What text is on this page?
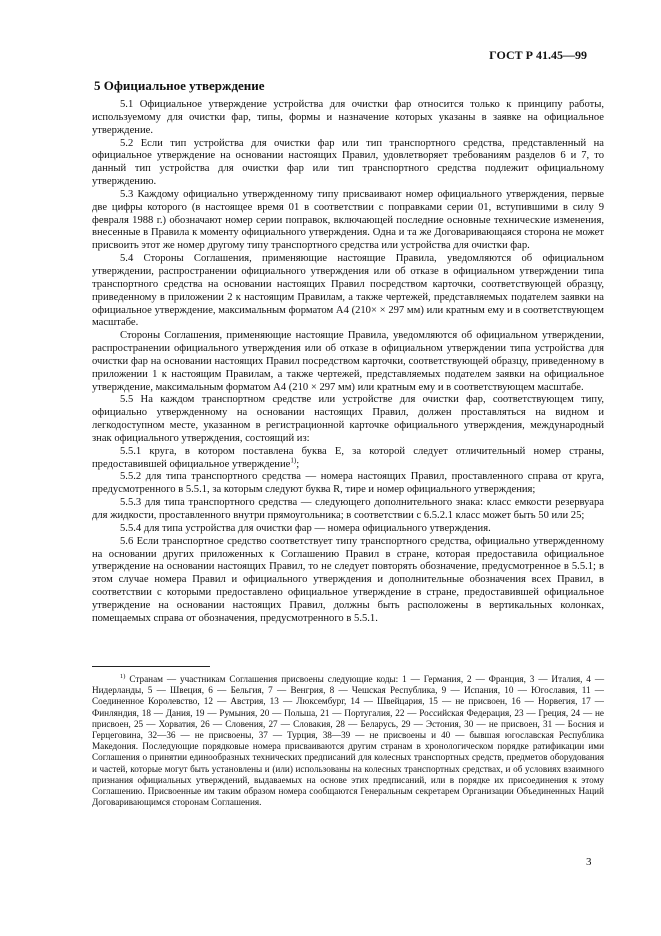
ГОСТ Р 41.45—99
5 Официальное утверждение

5.1 Официальное утверждение устройства для очистки фар относится только к принципу работы, используемому для очистки фар, типы, формы и назначение которых указаны в заявке на официальное утверждение.

5.2 Если тип устройства для очистки фар или тип транспортного средства, представленный на официальное утверждение на основании настоящих Правил, удовлетворяет требованиям разделов 6 и 7, то данный тип устройства для очистки фар или тип транспортного средства подлежит официальному утверждению.

5.3 Каждому официально утвержденному типу присваивают номер официального утверждения, первые две цифры которого (в настоящее время 01 в соответствии с поправками серии 01, вступившими в силу 9 февраля 1988 г.) обозначают номер серии поправок, включающей последние основные технические изменения, внесенные в Правила к моменту официального утверждения. Одна и та же Договаривающаяся сторона не может присвоить этот же номер другому типу транспортного средства или устройства для очистки фар.

5.4 Стороны Соглашения, применяющие настоящие Правила, уведомляются об официальном утверждении, распространении официального утверждения или об отказе в официальном утверждении типа транспортного средства на основании настоящих Правил посредством карточки, соответствующей образцу, приведенному в приложении 2 к настоящим Правилам, а также чертежей, представляемых подателем заявки на официальное утверждение, максимальным форматом А4 (210× × 297 мм) или кратным ему и в соответствующем масштабе.

Стороны Соглашения, применяющие настоящие Правила, уведомляются об официальном утверждении, распространении официального утверждения или об отказе в официальном утверждении типа устройства для очистки фар на основании настоящих Правил посредством карточки, соответствующей образцу, приведенному в приложении 1 к настоящим Правилам, а также чертежей, представляемых подателем заявки на официальное утверждение, максимальным форматом А4 (210 × 297 мм) или кратным ему и в соответствующем масштабе.

5.5 На каждом транспортном средстве или устройстве для очистки фар, соответствующем типу, официально утвержденному на основании настоящих Правил, должен проставляться на видном и легкодоступном месте, указанном в регистрационной карточке официального утверждения, международный знак официального утверждения, состоящий из:

5.5.1 круга, в котором поставлена буква Е, за которой следует отличительный номер страны, предоставившей официальное утверждение$^{1)}$;

5.5.2 для типа транспортного средства — номера настоящих Правил, проставленного справа от круга, предусмотренного в 5.5.1, за которым следуют буква R, тире и номер официального утверждения;

5.5.3 для типа транспортного средства — следующего дополнительного знака: класс емкости резервуара для жидкости, проставленного внутри прямоугольника; в соответствии с 6.5.2.1 класс может быть 50 или 25;

5.5.4 для типа устройства для очистки фар — номера официального утверждения.

5.6 Если транспортное средство соответствует типу транспортного средства, официально утвержденному на основании других приложенных к Соглашению Правил в стране, которая предоставила официальное утверждение на основании настоящих Правил, то не следует повторять обозначение, предусмотренное в 5.5.1; в этом случае номера Правил и официального утверждения и дополнительные обозначения всех Правил, в соответствии с которыми предоставлено официальное утверждение в стране, предоставившей официальное утверждение на основании настоящих Правил, должны быть расположены в вертикальных колонках, помещаемых справа от обозначения, предусмотренного в 5.5.1.

$^{1)}$ Странам — участникам Соглашения присвоены следующие коды: 1 — Германия, 2 — Франция, 3 — Италия, 4 — Нидерланды, 5 — Швеция, 6 — Бельгия, 7 — Венгрия, 8 — Чешская Республика, 9 — Испания, 10 — Югославия, 11 — Соединенное Королевство, 12 — Австрия, 13 — Люксембург, 14 — Швейцария, 15 — не присвоен, 16 — Норвегия, 17 — Финляндия, 18 — Дания, 19 — Румыния, 20 — Польша, 21 — Португалия, 22 — Российская Федерация, 23 — Греция, 24 — не присвоен, 25 — Хорватия, 26 — Словения, 27 — Словакия, 28 — Беларусь, 29 — Эстония, 30 — не присвоен, 31 — Босния и Герцеговина, 32—36 — не присвоены, 37 — Турция, 38—39 — не присвоены и 40 — бывшая югославская Республика Македония. Последующие порядковые номера присваиваются другим странам в хронологическом порядке ратификации ими Соглашения о принятии единообразных технических предписаний для колесных транспортных средств, предметов оборудования и частей, которые могут быть установлены и (или) использованы на колесных транспортных средствах, и об условиях взаимного признания официальных утверждений, выдаваемых на основе этих предписаний, или в порядке их присоединения к этому Соглашению. Присвоенные им таким образом номера сообщаются Генеральным секретарем Организации Объединенных Наций Договаривающимся сторонам Соглашения.

3
